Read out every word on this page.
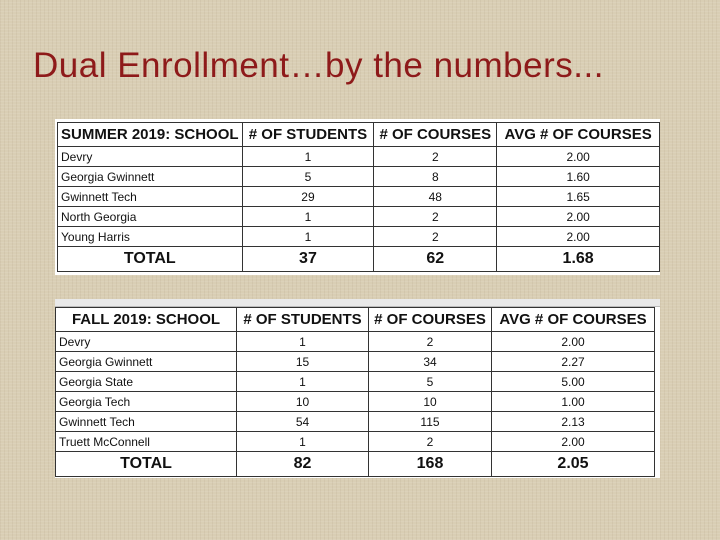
Dual Enrollment…by the numbers...
SUMMER 2019: SCHOOL	# OF STUDENTS	# OF COURSES	AVG # OF COURSES
Devry	1	2	2.00
Georgia Gwinnett	5	8	1.60
Gwinnett Tech	29	48	1.65
North Georgia	1	2	2.00
Young Harris	1	2	2.00
TOTAL	37	62	1.68
FALL 2019: SCHOOL	# OF STUDENTS	# OF COURSES	AVG # OF COURSES
Devry	1	2	2.00
Georgia Gwinnett	15	34	2.27
Georgia State	1	5	5.00
Georgia Tech	10	10	1.00
Gwinnett Tech	54	115	2.13
Truett McConnell	1	2	2.00
TOTAL	82	168	2.05
